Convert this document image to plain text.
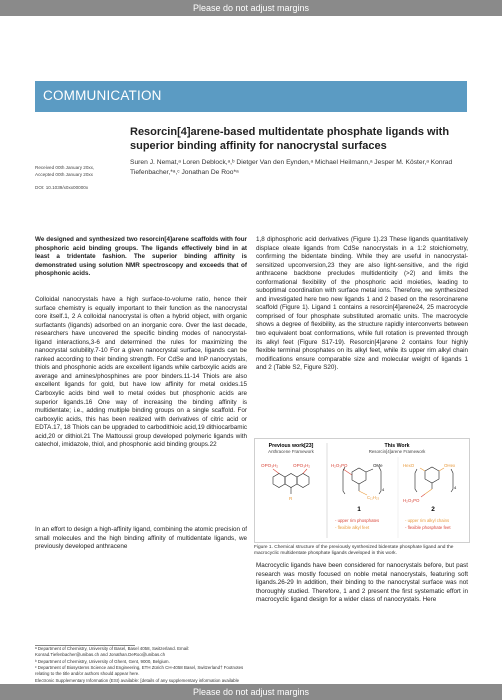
Please do not adjust margins
COMMUNICATION
Resorcin[4]arene-based multidentate phosphate ligands with superior binding affinity for nanocrystal surfaces
Suren J. Nemat,ᵃ Loren Deblock,ᵃ,ᵇ Dietger Van den Eynden,ᵃ Michael Heilmann,ᵃ Jesper M. Köster,ᵃ Konrad Tiefenbacher,*ᵃ,ᶜ Jonathan De Roo*ᵃ
Received 00th January 20xx,
Accepted 00th January 20xx
DOI: 10.1039/x0xx00000x

We designed and synthesized two resorcin[4]arene scaffolds with four phosphoric acid binding groups. The ligands effectively bind in at least a tridentate fashion. The superior binding affinity is demonstrated using solution NMR spectroscopy and exceeds that of phosphonic acids.

Colloidal nanocrystals have a high surface-to-volume ratio, hence their surface chemistry is equally important to their function as the nanocrystal core itself.1, 2 A colloidal nanocrystal is often a hybrid object, with organic surfactants (ligands) adsorbed on an inorganic core. Over the last decade, researchers have uncovered the specific binding modes of nanocrystal-ligand interactions,3-6 and determined the rules for maximizing the nanocrystal solubility.7-10 For a given nanocrystal surface, ligands can be ranked according to their binding strength. For CdSe and InP nanocrystals, thiols and phosphonic acids are excellent ligands while carboxylic acids are average and amines/phosphines are poor binders.11-14 Thiols are also excellent ligands for gold, but have low affinity for metal oxides.15 Carboxylic acids bind well to metal oxides but phosphonic acids are superior ligands.16 One way of increasing the binding affinity is multidentate; i.e., adding multiple binding groups on a single scaffold. For carboxylic acids, this has been realized with derivatives of citric acid or EDTA.17, 18 Thiols can be upgraded to carbodithioic acid,19 dithiocarbamic acid,20 or dithiol.21 The Mattoussi group developed polymeric ligands with catechol, imidazole, thiol, and phosphonic acid binding groups.22

In an effort to design a high-affinity ligand, combining the atomic precision of small molecules and the high binding affinity of multidentate ligands, we previously developed anthracene

1,8 diphosphoric acid derivatives (Figure 1).23 These ligands quantitatively displace oleate ligands from CdSe nanocrystals in a 1:2 stoichiometry, confirming the bidentate binding. While they are useful in nanocrystal-sensitized upconversion,23 they are also light-sensitive, and the rigid anthracene backbone precludes multidenticity (>2) and limits the conformational flexibility of the phosphoric acid moieties, leading to suboptimal coordination with surface metal ions. Therefore, we synthesized and investigated here two new ligands 1 and 2 based on the resorcinarene scaffold (Figure 1). Ligand 1 contains a resorcin[4]arene24, 25 macrocycle comprised of four phosphate substituted aromatic units. The macrocycle shows a degree of flexibility, as the structure rapidly interconverts between two equivalent boat conformations, while full rotation is prevented through its alkyl feet (Figure S17-19). Resorcin[4]arene 2 contains four highly flexible terminal phosphates on its alkyl feet, while its upper rim alkyl chain modifications ensure comparable size and molecular weight of ligands 1 and 2 (Table S2, Figure S20).

Previous work[23]
Anthracene Framework
OPO₃H₂	OPO₃H₂
R
This Work
Resorcin[4]arene Framework
H₂O₃PO	OMe
4
C₁₁H₂₃
1
- upper rim phosphates
- flexible alkyl feet
HexO	OHex
4
H₂O₃PO
2
- upper rim alkyl chains
- flexible phosphate feet
Figure 1. Chemical structure of the previously synthesized bidentate phosphate ligand and the macrocyclic multidentate phosphate ligands developed in this work.

Macrocyclic ligands have been considered for nanocrystals before, but past research was mostly focused on noble metal nanocrystals, featuring soft ligands.26-29 In addition, their binding to the nanocrystal surface was not thoroughly studied. Therefore, 1 and 2 present the first systematic effort in macrocyclic ligand design for a wider class of nanocrystals. Here

ᵃ Department of Chemistry, University of Basel, Basel 4058, Switzerland. Email: Konrad.Tiefenbacher@unibas.ch and Jonathan.DeRoo@unibas.ch

ᵇ Department of Chemistry, University of Ghent, Gent, 9000, Belgium.

ᶜ Department of Biosystems Science and Engineering, ETH Zürich CH-4058 Basel, Switzerland† Footnotes relating to the title and/or authors should appear here.

Electronic Supplementary Information (ESI) available: [details of any supplementary information available

Please do not adjust margins
